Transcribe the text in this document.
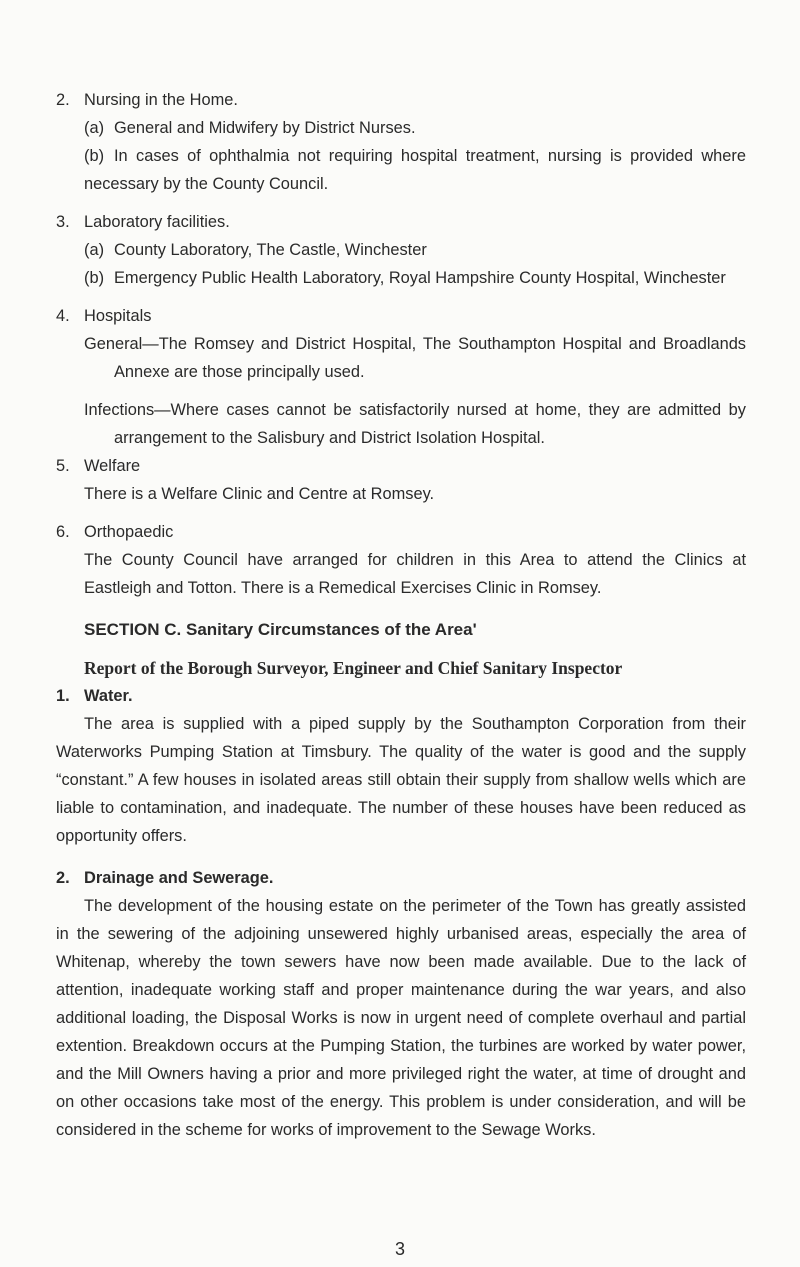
2. Nursing in the Home.

(a) General and Midwifery by District Nurses.

(b) In cases of ophthalmia not requiring hospital treatment, nursing is provided where necessary by the County Council.

3. Laboratory facilities.

(a) County Laboratory, The Castle, Winchester

(b) Emergency Public Health Laboratory, Royal Hampshire County Hospital, Winchester

4. Hospitals

General—The Romsey and District Hospital, The Southampton Hospital and Broadlands Annexe are those principally used.

Infections—Where cases cannot be satisfactorily nursed at home, they are admitted by arrangement to the Salisbury and District Isolation Hospital.

5. Welfare

There is a Welfare Clinic and Centre at Romsey.

6. Orthopaedic

The County Council have arranged for children in this Area to attend the Clinics at Eastleigh and Totton. There is a Remedical Exercises Clinic in Romsey.

SECTION C. Sanitary Circumstances of the Area'

Report of the Borough Surveyor, Engineer and Chief Sanitary Inspector

1. Water.

The area is supplied with a piped supply by the Southampton Corporation from their Waterworks Pumping Station at Timsbury. The quality of the water is good and the supply “constant.” A few houses in isolated areas still obtain their supply from shallow wells which are liable to contamination, and inadequate. The number of these houses have been reduced as opportunity offers.

2. Drainage and Sewerage.

The development of the housing estate on the perimeter of the Town has greatly assisted in the sewering of the adjoining unsewered highly urbanised areas, especially the area of Whitenap, whereby the town sewers have now been made available. Due to the lack of attention, inadequate working staff and proper maintenance during the war years, and also additional loading, the Disposal Works is now in urgent need of complete overhaul and partial extention. Breakdown occurs at the Pumping Station, the turbines are worked by water power, and the Mill Owners having a prior and more privileged right the water, at time of drought and on other occasions take most of the energy. This problem is under consideration, and will be considered in the scheme for works of improvement to the Sewage Works.

3
